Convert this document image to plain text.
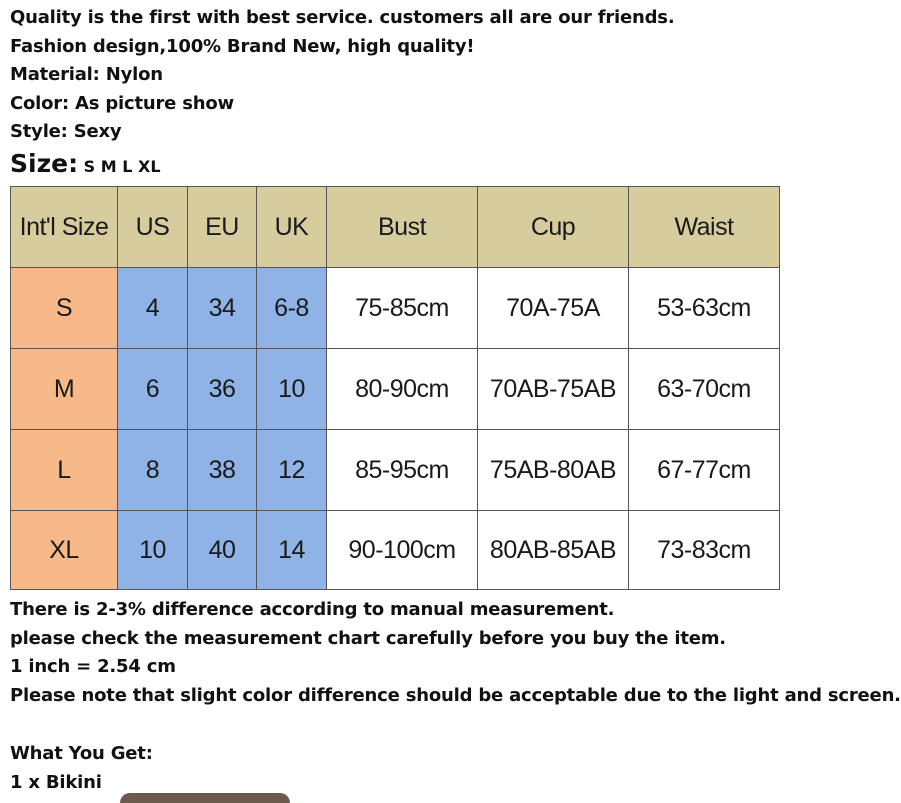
Quality is the first with best service. customers all are our friends.
Fashion design,100% Brand New, high quality!
Material: Nylon
Color: As picture show
Style: Sexy
Size: S M L XL
Int'l Size	US	EU	UK	Bust	Cup	Waist
S	4	34	6-8	75-85cm	70A-75A	53-63cm
M	6	36	10	80-90cm	70AB-75AB	63-70cm
L	8	38	12	85-95cm	75AB-80AB	67-77cm
XL	10	40	14	90-100cm	80AB-85AB	73-83cm
There is 2-3% difference according to manual measurement.
please check the measurement chart carefully before you buy the item.
1 inch = 2.54 cm
Please note that slight color difference should be acceptable due to the light and screen.
What You Get:
1 x Bikini
